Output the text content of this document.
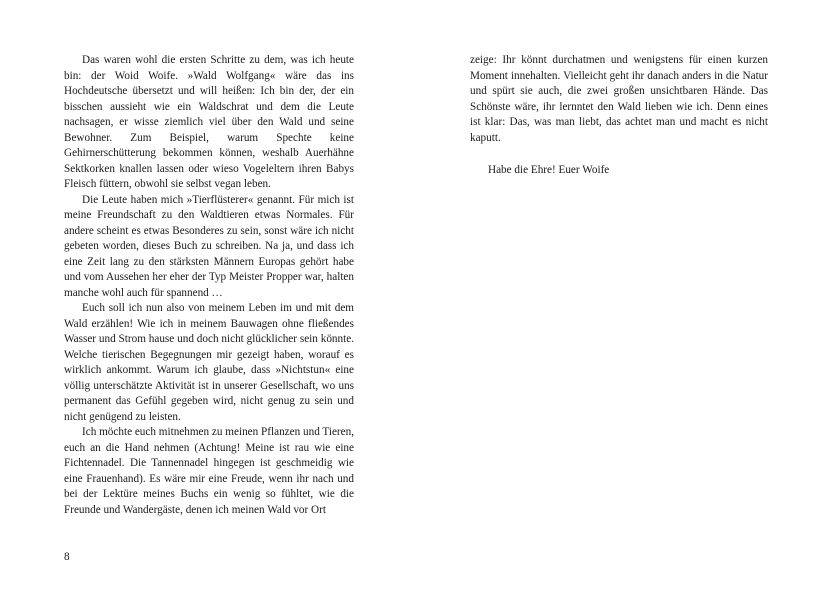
Das waren wohl die ersten Schritte zu dem, was ich heute bin: der Woid Woife. »Wald Wolfgang« wäre das ins Hochdeutsche übersetzt und will heißen: Ich bin der, der ein bisschen aussieht wie ein Waldschrat und dem die Leute nachsagen, er wisse ziemlich viel über den Wald und seine Bewohner. Zum Beispiel, warum Spechte keine Gehirnerschütterung bekommen können, weshalb Auerhähne Sektkorken knallen lassen oder wieso Vogeleltern ihren Babys Fleisch füttern, obwohl sie selbst vegan leben.

Die Leute haben mich »Tierflüsterer« genannt. Für mich ist meine Freundschaft zu den Waldtieren etwas Normales. Für andere scheint es etwas Besonderes zu sein, sonst wäre ich nicht gebeten worden, dieses Buch zu schreiben. Na ja, und dass ich eine Zeit lang zu den stärksten Männern Europas gehört habe und vom Aussehen her eher der Typ Meister Propper war, halten manche wohl auch für spannend …

Euch soll ich nun also von meinem Leben im und mit dem Wald erzählen! Wie ich in meinem Bauwagen ohne fließendes Wasser und Strom hause und doch nicht glücklicher sein könnte. Welche tierischen Begegnungen mir gezeigt haben, worauf es wirklich ankommt. Warum ich glaube, dass »Nichtstun« eine völlig unterschätzte Aktivität ist in unserer Gesellschaft, wo uns permanent das Gefühl gegeben wird, nicht genug zu sein und nicht genügend zu leisten.

Ich möchte euch mitnehmen zu meinen Pflanzen und Tieren, euch an die Hand nehmen (Achtung! Meine ist rau wie eine Fichtennadel. Die Tannennadel hingegen ist geschmeidig wie eine Frauenhand). Es wäre mir eine Freude, wenn ihr nach und bei der Lektüre meines Buchs ein wenig so fühltet, wie die Freunde und Wandergäste, denen ich meinen Wald vor Ort

8

zeige: Ihr könnt durchatmen und wenigstens für einen kurzen Moment innehalten. Vielleicht geht ihr danach anders in die Natur und spürt sie auch, die zwei großen unsichtbaren Hände. Das Schönste wäre, ihr lernntet den Wald lieben wie ich. Denn eines ist klar: Das, was man liebt, das achtet man und macht es nicht kaputt.

Habe die Ehre! Euer Woife
